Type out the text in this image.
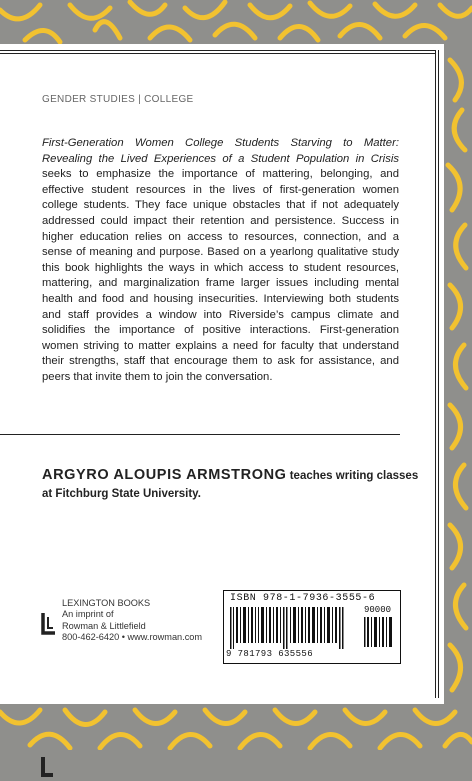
GENDER STUDIES | COLLEGE
First-Generation Women College Students Starving to Matter: Revealing the Lived Experiences of a Student Population in Crisis seeks to emphasize the importance of mattering, belonging, and effective student resources in the lives of first-generation women college students. They face unique obstacles that if not adequately addressed could impact their retention and persistence. Success in higher education relies on access to resources, connection, and a sense of meaning and purpose. Based on a yearlong qualitative study this book highlights the ways in which access to student resources, mattering, and marginalization frame larger issues including mental health and food and housing insecurities. Interviewing both students and staff provides a window into Riverside’s campus climate and solidifies the importance of positive interactions. First-generation women striving to matter explains a need for faculty that understand their strengths, staff that encourage them to ask for assistance, and peers that invite them to join the conversation.
ARGYRO ALOUPIS ARMSTRONG teaches writing classes at Fitchburg State University.
LEXINGTON BOOKS
An imprint of
Rowman & Littlefield
800-462-6420 • www.rowman.com
ISBN 978-1-7936-3555-6
90000
9 781793 635556
